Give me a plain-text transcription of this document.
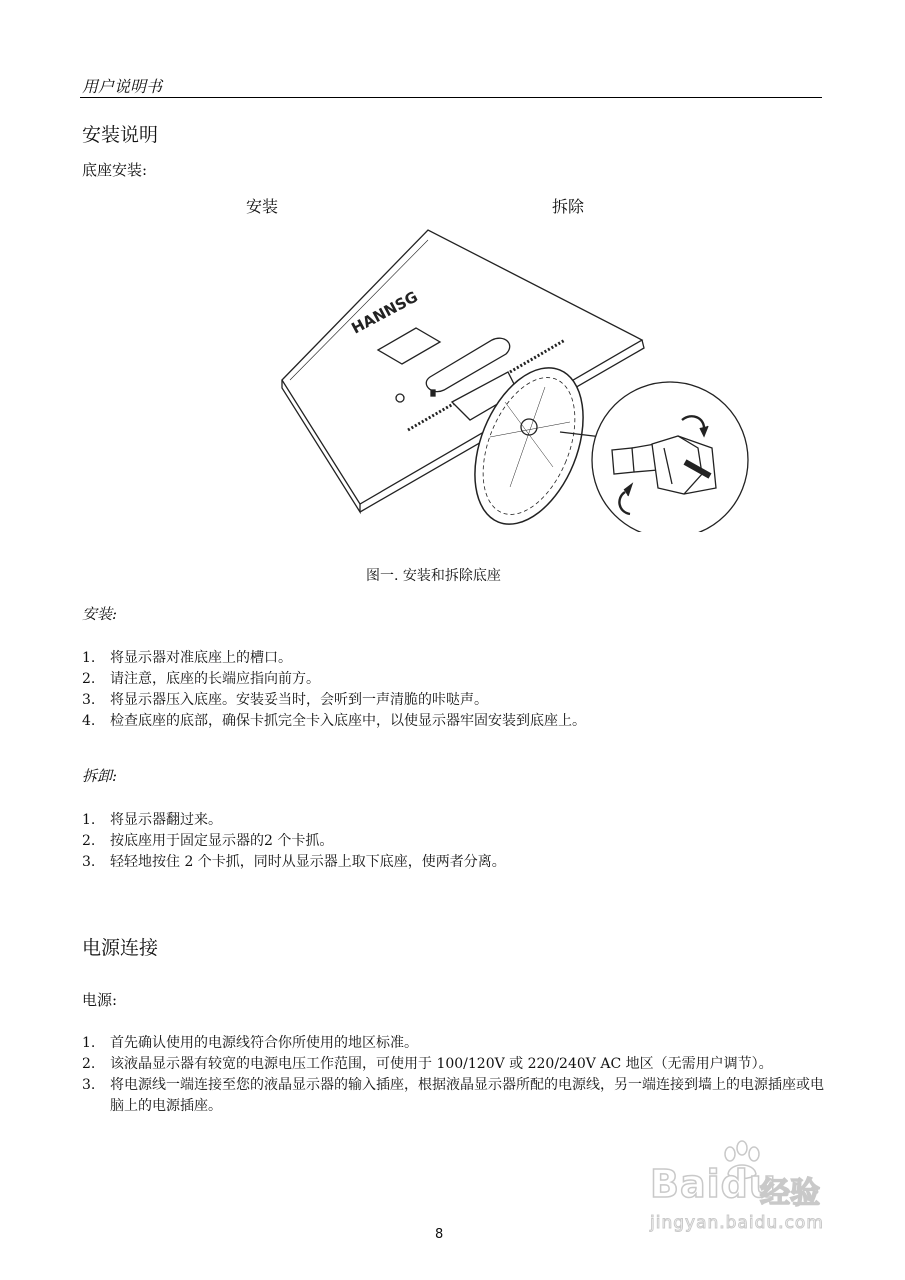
用户说明书
安装说明
底座安装:
安装	拆除
HANNSG
图一. 安装和拆除底座
安装:
1. 将显示器对准底座上的槽口。
2. 请注意，底座的长端应指向前方。
3. 将显示器压入底座。安装妥当时，会听到一声清脆的咔哒声。
4. 检查底座的底部，确保卡抓完全卡入底座中，以使显示器牢固安装到底座上。
拆卸:
1. 将显示器翻过来。
2. 按底座用于固定显示器的2 个卡抓。
3. 轻轻地按住 2 个卡抓，同时从显示器上取下底座，使两者分离。
电源连接
电源:
1. 首先确认使用的电源线符合你所使用的地区标准。
2. 该液晶显示器有较宽的电源电压工作范围，可使用于 100/120V 或 220/240V AC 地区（无需用户调节）。
3. 将电源线一端连接至您的液晶显示器的输入插座，根据液晶显示器所配的电源线，另一端连接到墙上的电源插座或电脑上的电源插座。
Baidu
经验
jingyan.baidu.com
8
